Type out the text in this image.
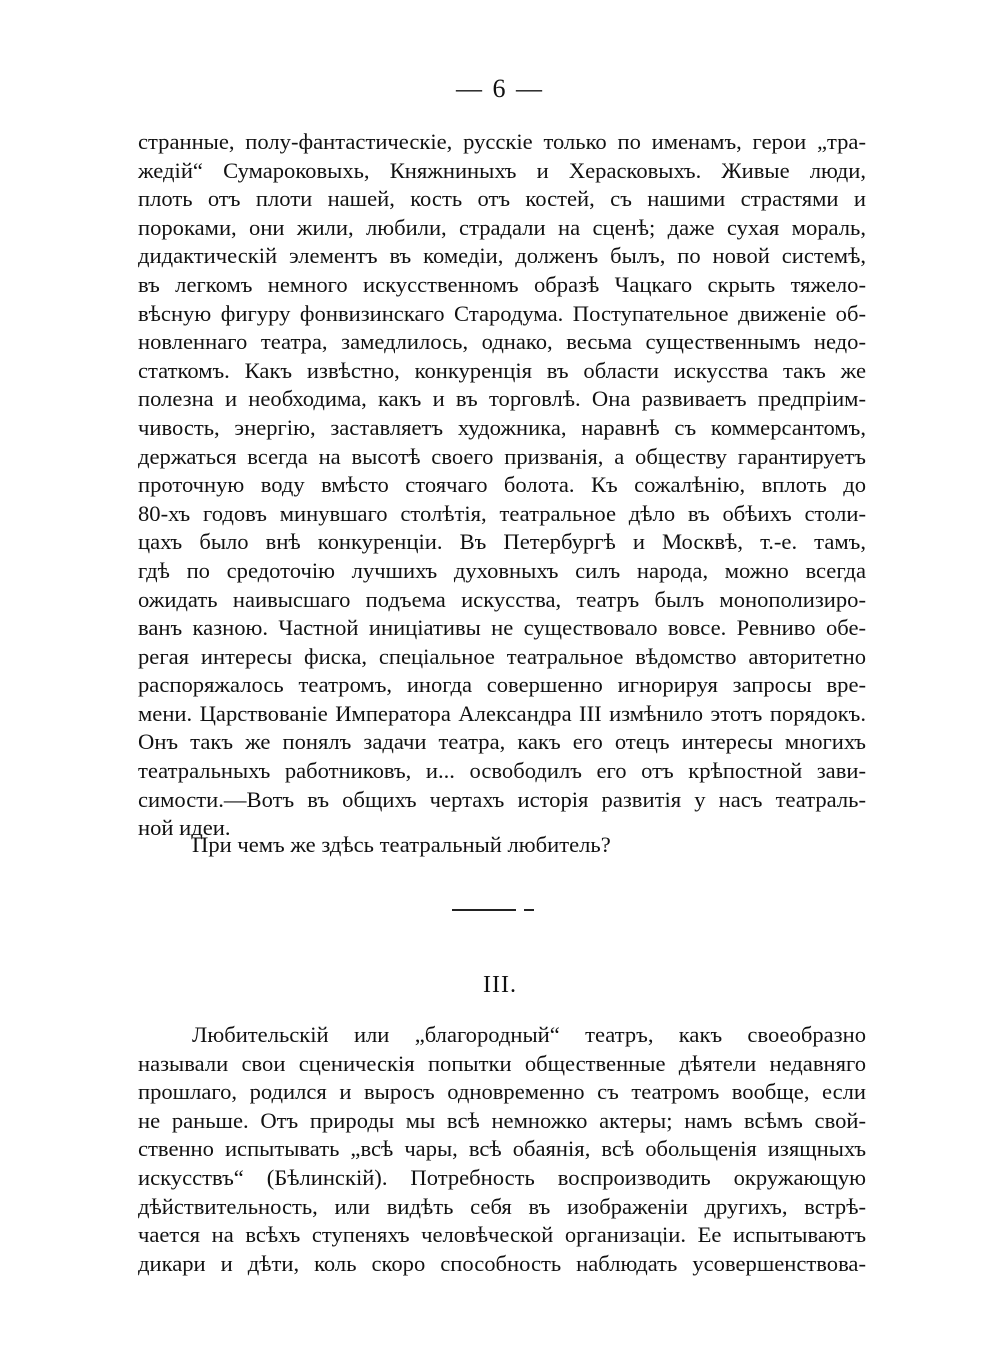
— 6 —

странные, полу-фантастическіе, русскіе только по именамъ, герои „тра-
жедій“ Сумароковыхь, Княжниныхъ и Херасковыхъ. Живые люди,
плоть отъ плоти нашей, кость отъ костей, съ нашими страстями и
пороками, они жили, любили, страдали на сценѣ; даже сухая мораль,
дидактическій элементъ въ комедіи, долженъ былъ, по новой системѣ,
въ легкомъ немного искусственномъ образѣ Чацкаго скрыть тяжело-
вѣсную фигуру фонвизинскаго Стародума. Поступательное движеніе об-
новленнаго театра, замедлилось, однако, весьма существеннымъ недо-
статкомъ. Какъ извѣстно, конкуренція въ области искусства такъ же
полезна и необходима, какъ и въ торговлѣ. Она развиваетъ предпріим-
чивость, энергію, заставляетъ художника, наравнѣ съ коммерсантомъ,
держаться всегда на высотѣ своего призванія, а обществу гарантируетъ
проточную воду вмѣсто стоячаго болота. Къ сожалѣнію, вплоть до
80-хъ годовъ минувшаго столѣтія, театральное дѣло въ обѣихъ столи-
цахъ было внѣ конкуренціи. Въ Петербургѣ и Москвѣ, т.-е. тамъ,
гдѣ по средоточію лучшихъ духовныхъ силъ народа, можно всегда
ожидать наивысшаго подъема искусства, театръ былъ монополизиро-
ванъ казною. Частной иниціативы не существовало вовсе. Ревниво обе-
регая интересы фиска, спеціальное театральное вѣдомство авторитетно
распоряжалось театромъ, иногда совершенно игнорируя запросы вре-
мени. Царствованіе Императора Александра III измѣнило этотъ порядокъ.
Онъ такъ же понялъ задачи театра, какъ его отецъ интересы многихъ
театральныхъ работниковъ, и... освободилъ его отъ крѣпостной зави-
симости.—Вотъ въ общихъ чертахъ исторія развитія у насъ театраль-
ной идеи.

При чемъ же здѣсь театральный любитель?

III.

Любительскій или „благородный“ театръ, какъ своеобразно
называли свои сценическія попытки общественные дѣятели недавняго
прошлаго, родился и выросъ одновременно съ театромъ вообще, если
не раньше. Отъ природы мы всѣ немножко актеры; намъ всѣмъ свой-
ственно испытывать „всѣ чары, всѣ обаянія, всѣ обольщенія изящныхъ
искусствъ“ (Бѣлинскій). Потребность воспроизводить окружающую
дѣйствительность, или видѣть себя въ изображеніи другихъ, встрѣ-
чается на всѣхъ ступеняхъ человѣческой организаціи. Ее испытываютъ
дикари и дѣти, коль скоро способность наблюдать усовершенствова-
